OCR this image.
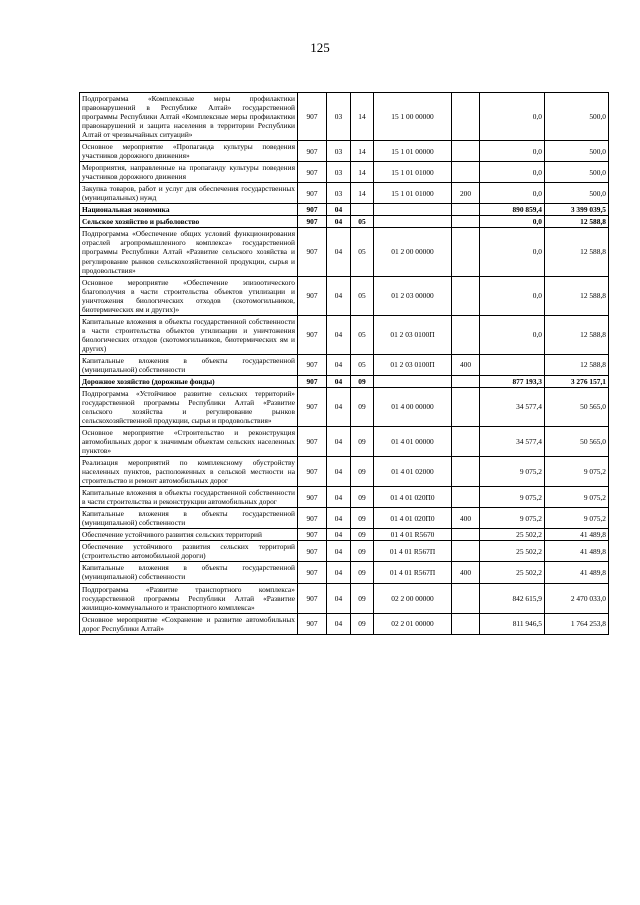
125
Подпрограмма «Комплексные меры профилактики правонарушений в Республике Алтай» государственной программы Республики Алтай «Комплексные меры профилактики правонарушений и защита населения в территории Республики Алтай от чрезвычайных ситуаций»	907	03	14	15 1 00 00000		0,0	500,0
Основное мероприятие «Пропаганда культуры поведения участников дорожного движения»	907	03	14	15 1 01 00000		0,0	500,0
Мероприятия, направленные на пропаганду культуры поведения участников дорожного движения	907	03	14	15 1 01 01000		0,0	500,0
Закупка товаров, работ и услуг для обеспечения государственных (муниципальных) нужд	907	03	14	15 1 01 01000	200	0,0	500,0
Национальная экономика	907	04				890 859,4	3 399 039,5
Сельское хозяйство и рыболовство	907	04	05			0,0	12 588,8
Подпрограмма «Обеспечение общих условий функционирования отраслей агропромышленного комплекса» государственной программы Республики Алтай «Развитие сельского хозяйства и регулирование рынков сельскохозяйственной продукции, сырья и продовольствия»	907	04	05	01 2 00 00000		0,0	12 588,8
Основное мероприятие «Обеспечение эпизоотического благополучия в части строительства объектов утилизации и уничтожения биологических отходов (скотомогильников, биотермических ям и других)»	907	04	05	01 2 03 00000		0,0	12 588,8
Капитальные вложения в объекты государственной собственности в части строительства объектов утилизации и уничтожения биологических отходов (скотомогильников, биотермических ям и других)	907	04	05	01 2 03 0100П		0,0	12 588,8
Капитальные вложения в объекты государственной (муниципальной) собственности	907	04	05	01 2 03 0100П	400		12 588,8
Дорожное хозяйство (дорожные фонды)	907	04	09			877 193,3	3 276 157,1
Подпрограмма «Устойчивое развитие сельских территорий» государственной программы Республики Алтай «Развитие сельского хозяйства и регулирование рынков сельскохозяйственной продукции, сырья и продовольствия»	907	04	09	01 4 00 00000		34 577,4	50 565,0
Основное мероприятие «Строительство и реконструкция автомобильных дорог к значимым объектам сельских населенных пунктов»	907	04	09	01 4 01 00000		34 577,4	50 565,0
Реализация мероприятий по комплексному обустройству населенных пунктов, расположенных в сельской местности на строительство и ремонт автомобильных дорог	907	04	09	01 4 01 02000		9 075,2	9 075,2
Капитальные вложения в объекты государственной собственности в части строительства и реконструкции автомобильных дорог	907	04	09	01 4 01 020П0		9 075,2	9 075,2
Капитальные вложения в объекты государственной (муниципальной) собственности	907	04	09	01 4 01 020П0	400	9 075,2	9 075,2
Обеспечение устойчивого развития сельских территорий	907	04	09	01 4 01 R5670		25 502,2	41 489,8
Обеспечение устойчивого развития сельских территорий (строительство автомобильной дороги)	907	04	09	01 4 01 R567П		25 502,2	41 489,8
Капитальные вложения в объекты государственной (муниципальной) собственности	907	04	09	01 4 01 R567П	400	25 502,2	41 489,8
Подпрограмма «Развитие транспортного комплекса» государственной программы Республики Алтай «Развитие жилищно-коммунального и транспортного комплекса»	907	04	09	02 2 00 00000		842 615,9	2 470 033,0
Основное мероприятие «Сохранение и развитие автомобильных дорог Республики Алтай»	907	04	09	02 2 01 00000		811 946,5	1 764 253,8
